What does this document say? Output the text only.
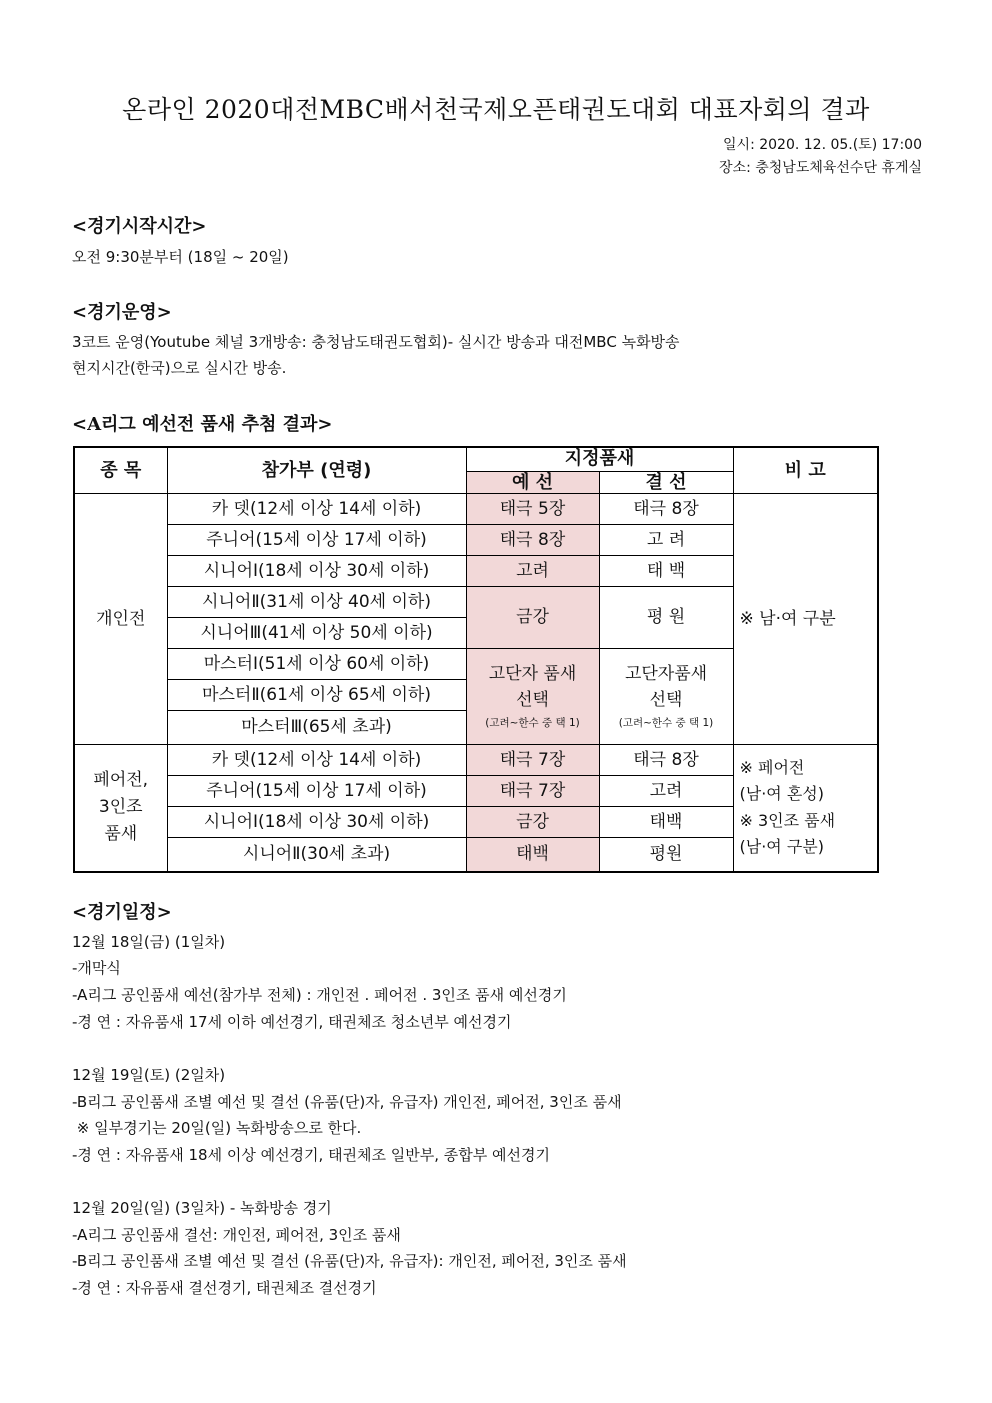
온라인 2020대전MBC배서천국제오픈태권도대회 대표자회의 결과
일시: 2020. 12. 05.(토) 17:00
장소: 충청남도체육선수단 휴게실
<경기시작시간>
오전 9:30분부터 (18일 ~ 20일)
<경기운영>
3코트 운영(Youtube 체널 3개방송: 충청남도태권도협회)- 실시간 방송과 대전MBC 녹화방송
현지시간(한국)으로 실시간 방송.
<A리그 예선전 품새 추첨 결과>
종 목	참가부 (연령)	지정품새		비 고
		예 선	결 선	
개인전	카 뎃(12세 이상 14세 이하)	태극 5장	태극 8장	※ 남·여 구분
	주니어(15세 이상 17세 이하)	태극 8장	고 려	
	시니어Ⅰ(18세 이상 30세 이하)	고려	태 백	
	시니어Ⅱ(31세 이상 40세 이하)	금강	평 원	
	시니어Ⅲ(41세 이상 50세 이하)			
	마스터Ⅰ(51세 이상 60세 이하)	고단자 품새
선택
(고려~한수 중 택 1)	고단자품새
선택
(고려~한수 중 택 1)	

	마스터Ⅱ(61세 이상 65세 이하)			
	마스터Ⅲ(65세 초과)			
페어전,
3인조
품새	카 뎃(12세 이상 14세 이하)	태극 7장	태극 8장	※ 페어전
(남·여 혼성)
※ 3인조 품새
(남·여 구분)
	주니어(15세 이상 17세 이하)	태극 7장	고려	
	시니어Ⅰ(18세 이상 30세 이하)	금강	태백	
	시니어Ⅱ(30세 초과)	태백	평원	
<경기일정>
12월 18일(금) (1일차)
-개막식
-A리그 공인품새 예선(참가부 전체) : 개인전 . 페어전 . 3인조 품새 예선경기
-경 연 : 자유품새 17세 이하 예선경기, 태권체조 청소년부 예선경기
12월 19일(토) (2일차)
-B리그 공인품새 조별 예선 및 결선 (유품(단)자, 유급자) 개인전, 페어전, 3인조 품새
※ 일부경기는 20일(일) 녹화방송으로 한다.
-경 연 : 자유품새 18세 이상 예선경기, 태권체조 일반부, 종합부 예선경기
12월 20일(일) (3일차) - 녹화방송 경기
-A리그 공인품새 결선: 개인전, 페어전, 3인조 품새
-B리그 공인품새 조별 예선 및 결선 (유품(단)자, 유급자): 개인전, 페어전, 3인조 품새
-경 연 : 자유품새 결선경기, 태권체조 결선경기
